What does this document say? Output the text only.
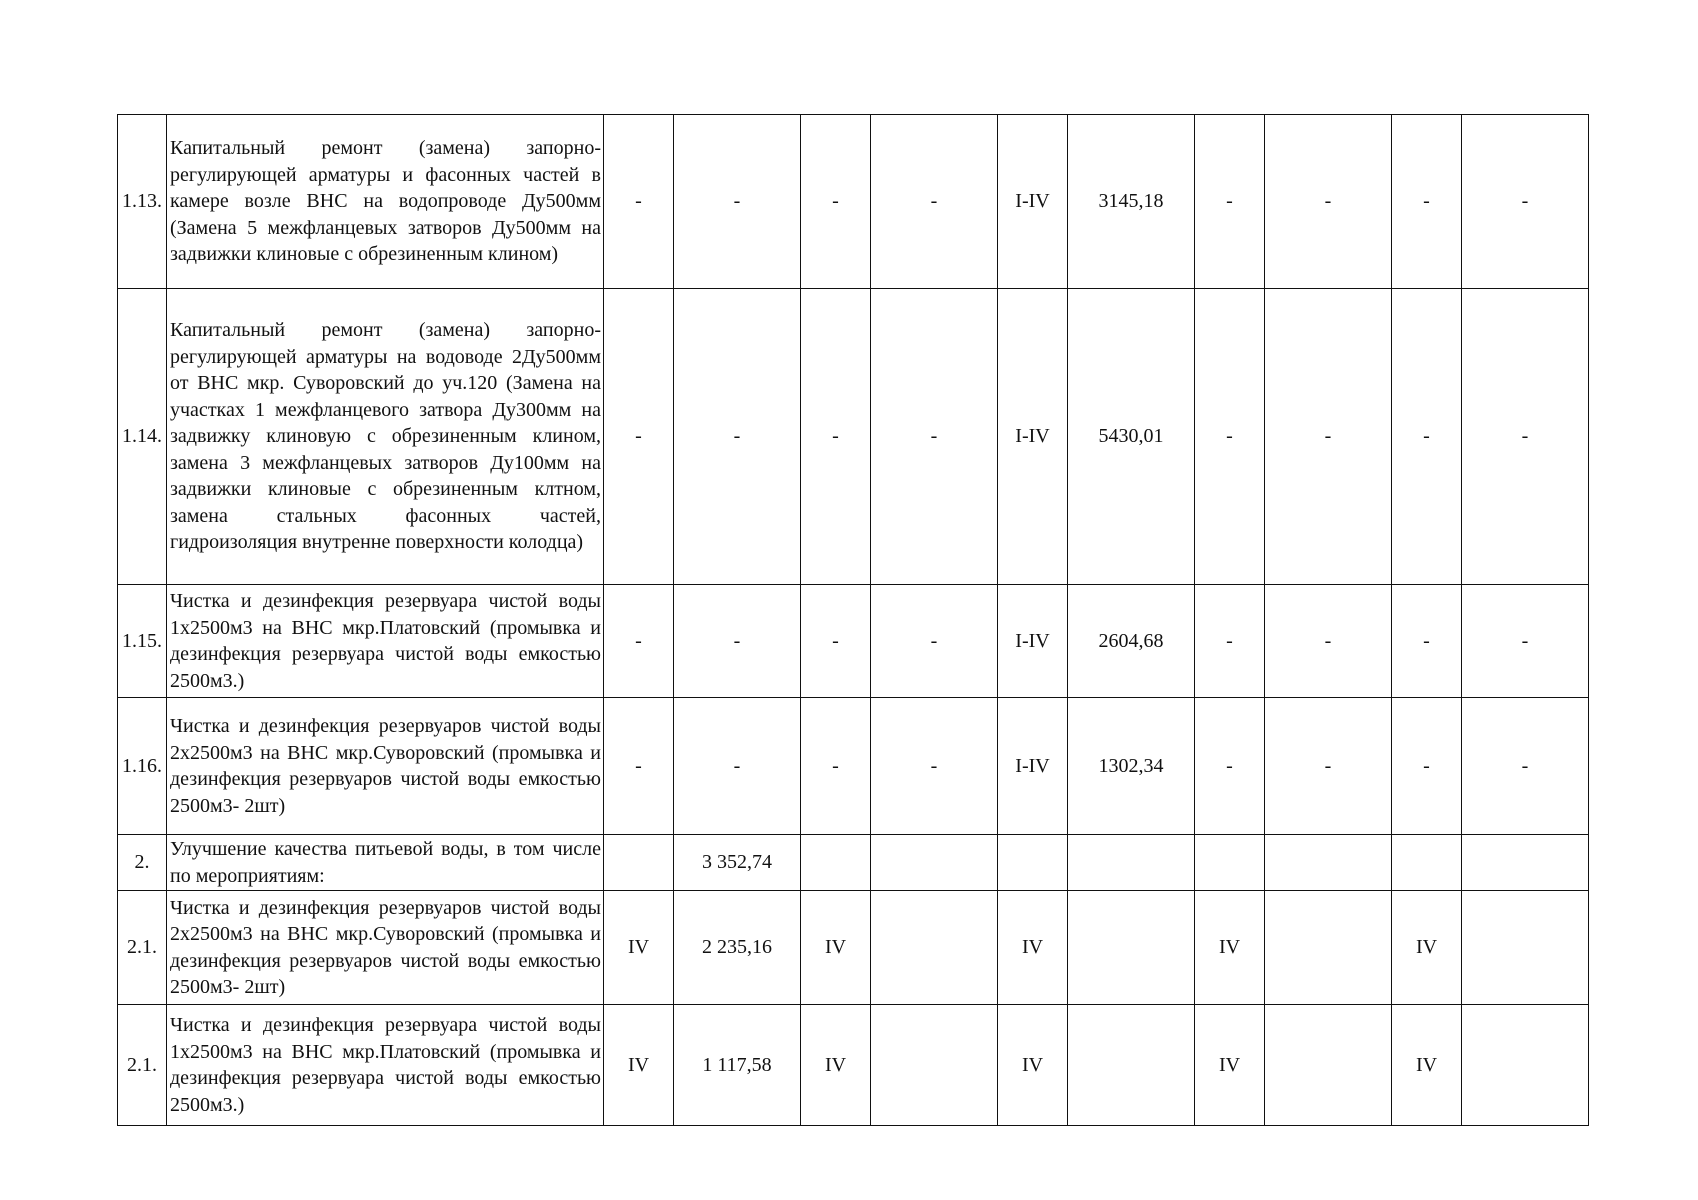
1.13.	Капитальный ремонт (замена) запорно-регулирующей арматуры и фасонных частей в камере возле ВНС на водопроводе Ду500мм (Замена 5 межфланцевых затворов Ду500мм на задвижки клиновые с обрезиненным клином)	-	-	-	-	I-IV	3145,18	-	-	-	-
1.14.	Капитальный ремонт (замена) запорно-регулирующей арматуры на водоводе 2Ду500мм от ВНС мкр. Суворовский до уч.120 (Замена на участках 1 межфланцевого затвора Ду300мм на задвижку клиновую с обрезиненным клином, замена 3 межфланцевых затворов Ду100мм на задвижки клиновые с обрезиненным клтном, замена стальных фасонных частей, гидроизоляция внутренне поверхности колодца)	-	-	-	-	I-IV	5430,01	-	-	-	-
1.15.	Чистка и дезинфекция резервуара чистой воды 1х2500м3 на ВНС мкр.Платовский (промывка и дезинфекция резервуара чистой воды емкостью 2500м3.)	-	-	-	-	I-IV	2604,68	-	-	-	-
1.16.	Чистка и дезинфекция резервуаров чистой воды 2х2500м3 на ВНС мкр.Суворовский (промывка и дезинфекция резервуаров чистой воды емкостью 2500м3- 2шт)	-	-	-	-	I-IV	1302,34	-	-	-	-
2.	Улучшение качества питьевой воды, в том числе по мероприятиям:		3 352,74								
2.1.	Чистка и дезинфекция резервуаров чистой воды 2х2500м3 на ВНС мкр.Суворовский (промывка и дезинфекция резервуаров чистой воды емкостью 2500м3- 2шт)	IV	2 235,16	IV		IV		IV		IV	
2.1.	Чистка и дезинфекция резервуара чистой воды 1х2500м3 на ВНС мкр.Платовский (промывка и дезинфекция резервуара чистой воды емкостью 2500м3.)	IV	1 117,58	IV		IV		IV		IV	
